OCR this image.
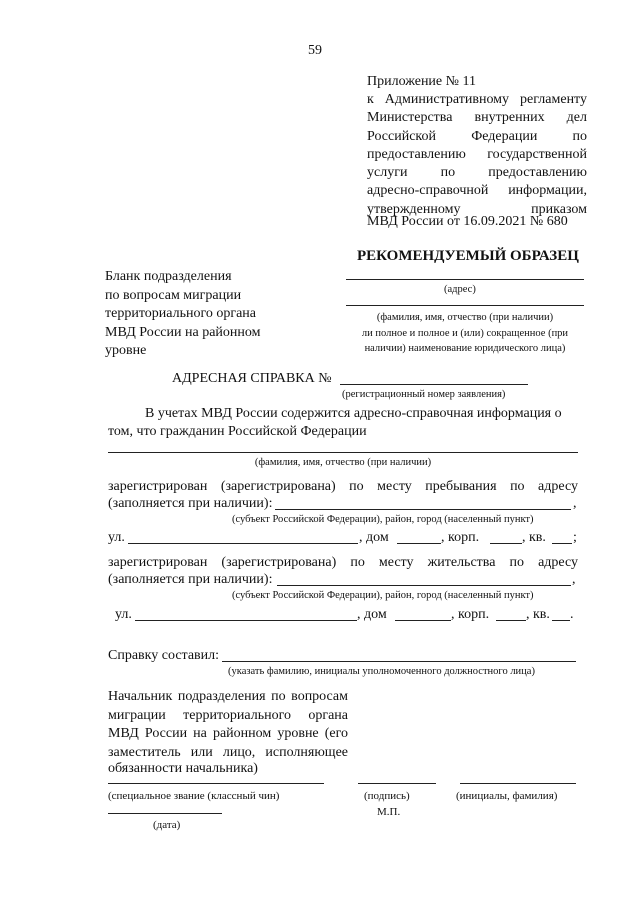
59
Приложение № 11
к Административному регламенту
Министерства внутренних дел
Российской Федерации по
предоставлению государственной
услуги по предоставлению
адресно-справочной информации,
утвержденному приказом
МВД России от 16.09.2021 № 680
РЕКОМЕНДУЕМЫЙ ОБРАЗЕЦ
Бланк подразделения
по вопросам миграции
территориального органа
МВД России на районном
уровне
(адрес)
(фамилия, имя, отчество (при наличии)
ли полное и полное и (или) сокращенное (при
наличии) наименование юридического лица)
АДРЕСНАЯ СПРАВКА №
(регистрационный номер заявления)
В учетах МВД России содержится адресно-справочная информация о
том, что гражданин Российской Федерации
(фамилия, имя, отчество (при наличии)
зарегистрирован (зарегистрирована) по месту пребывания по адресу
(заполняется при наличии):	,
(субъект Российской Федерации), район, город (населенный пункт)
ул.	, дом	, корп.	, кв. ;
зарегистрирован (зарегистрирована) по месту жительства по адресу
(заполняется при наличии):	,
(субъект Российской Федерации), район, город (населенный пункт)
ул.	, дом	, корп.	, кв. .
Справку составил:
(указать фамилию, инициалы уполномоченного должностного лица)
Начальник подразделения по вопросам
миграции территориального органа
МВД России на районном уровне (его
заместитель или лицо, исполняющее
обязанности начальника)
(специальное звание (классный чин)	(подпись)	(инициалы, фамилия)
М.П.
(дата)
